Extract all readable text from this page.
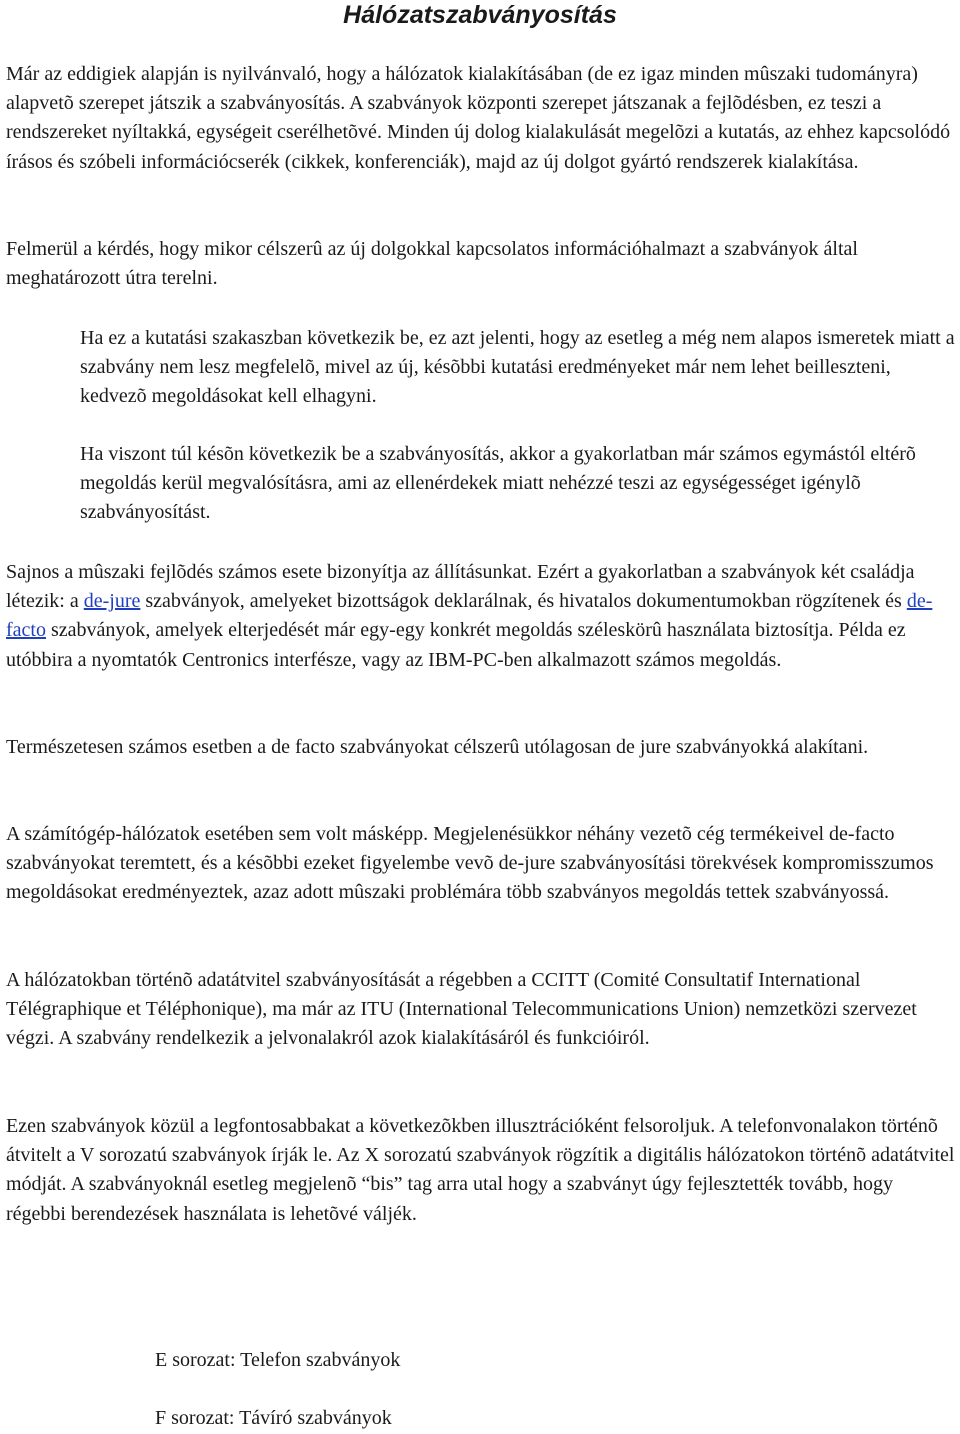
Hálózatszabványosítás

Már az eddigiek alapján is nyilvánvaló, hogy a hálózatok kialakításában (de ez igaz minden mûszaki tudományra) alapvetõ szerepet játszik a szabványosítás. A szabványok központi szerepet játszanak a fejlõdésben, ez teszi a rendszereket nyíltakká, egységeit cserélhetõvé. Minden új dolog kialakulását megelõzi a kutatás, az ehhez kapcsolódó írásos és szóbeli információcserék (cikkek, konferenciák), majd az új dolgot gyártó rendszerek kialakítása.

Felmerül a kérdés, hogy mikor célszerû az új dolgokkal kapcsolatos információhalmazt a szabványok által meghatározott útra terelni.

Ha ez a kutatási szakaszban következik be, ez azt jelenti, hogy az esetleg a még nem alapos ismeretek miatt a szabvány nem lesz megfelelõ, mivel az új, késõbbi kutatási eredményeket már nem lehet beilleszteni, kedvezõ megoldásokat kell elhagyni.

Ha viszont túl késõn következik be a szabványosítás, akkor a gyakorlatban már számos egymástól eltérõ megoldás kerül megvalósításra, ami az ellenérdekek miatt nehézzé teszi az egységességet igénylõ szabványosítást.

Sajnos a mûszaki fejlõdés számos esete bizonyítja az állításunkat. Ezért a gyakorlatban a szabványok két családja létezik: a de-jure szabványok, amelyeket bizottságok deklarálnak, és hivatalos dokumentumokban rögzítenek és de-facto szabványok, amelyek elterjedését már egy-egy konkrét megoldás széleskörû használata biztosítja. Példa ez utóbbira a nyomtatók Centronics interfésze, vagy az IBM-PC-ben alkalmazott számos megoldás.

Természetesen számos esetben a de facto szabványokat célszerû utólagosan de jure szabványokká alakítani.

A számítógép-hálózatok esetében sem volt másképp. Megjelenésükkor néhány vezetõ cég termékeivel de-facto szabványokat teremtett, és a késõbbi ezeket figyelembe vevõ de-jure szabványosítási törekvések kompromisszumos megoldásokat eredményeztek, azaz adott mûszaki problémára több szabványos megoldás tettek szabványossá.

A hálózatokban történõ adatátvitel szabványosítását a régebben a CCITT (Comité Consultatif International Télégraphique et Téléphonique), ma már az ITU (International Telecommunications Union) nemzetközi szervezet végzi. A szabvány rendelkezik a jelvonalakról azok kialakításáról és funkcióiról.

Ezen szabványok közül a legfontosabbakat a következõkben illusztrációként felsoroljuk. A telefonvonalakon történõ átvitelt a V sorozatú szabványok írják le. Az X sorozatú szabványok rögzítik a digitális hálózatokon történõ adatátvitel módját. A szabványoknál esetleg megjelenõ “bis” tag arra utal hogy a szabványt úgy fejlesztették tovább, hogy régebbi berendezések használata is lehetõvé váljék.

E sorozat: Telefon szabványok

F sorozat: Távíró szabványok
